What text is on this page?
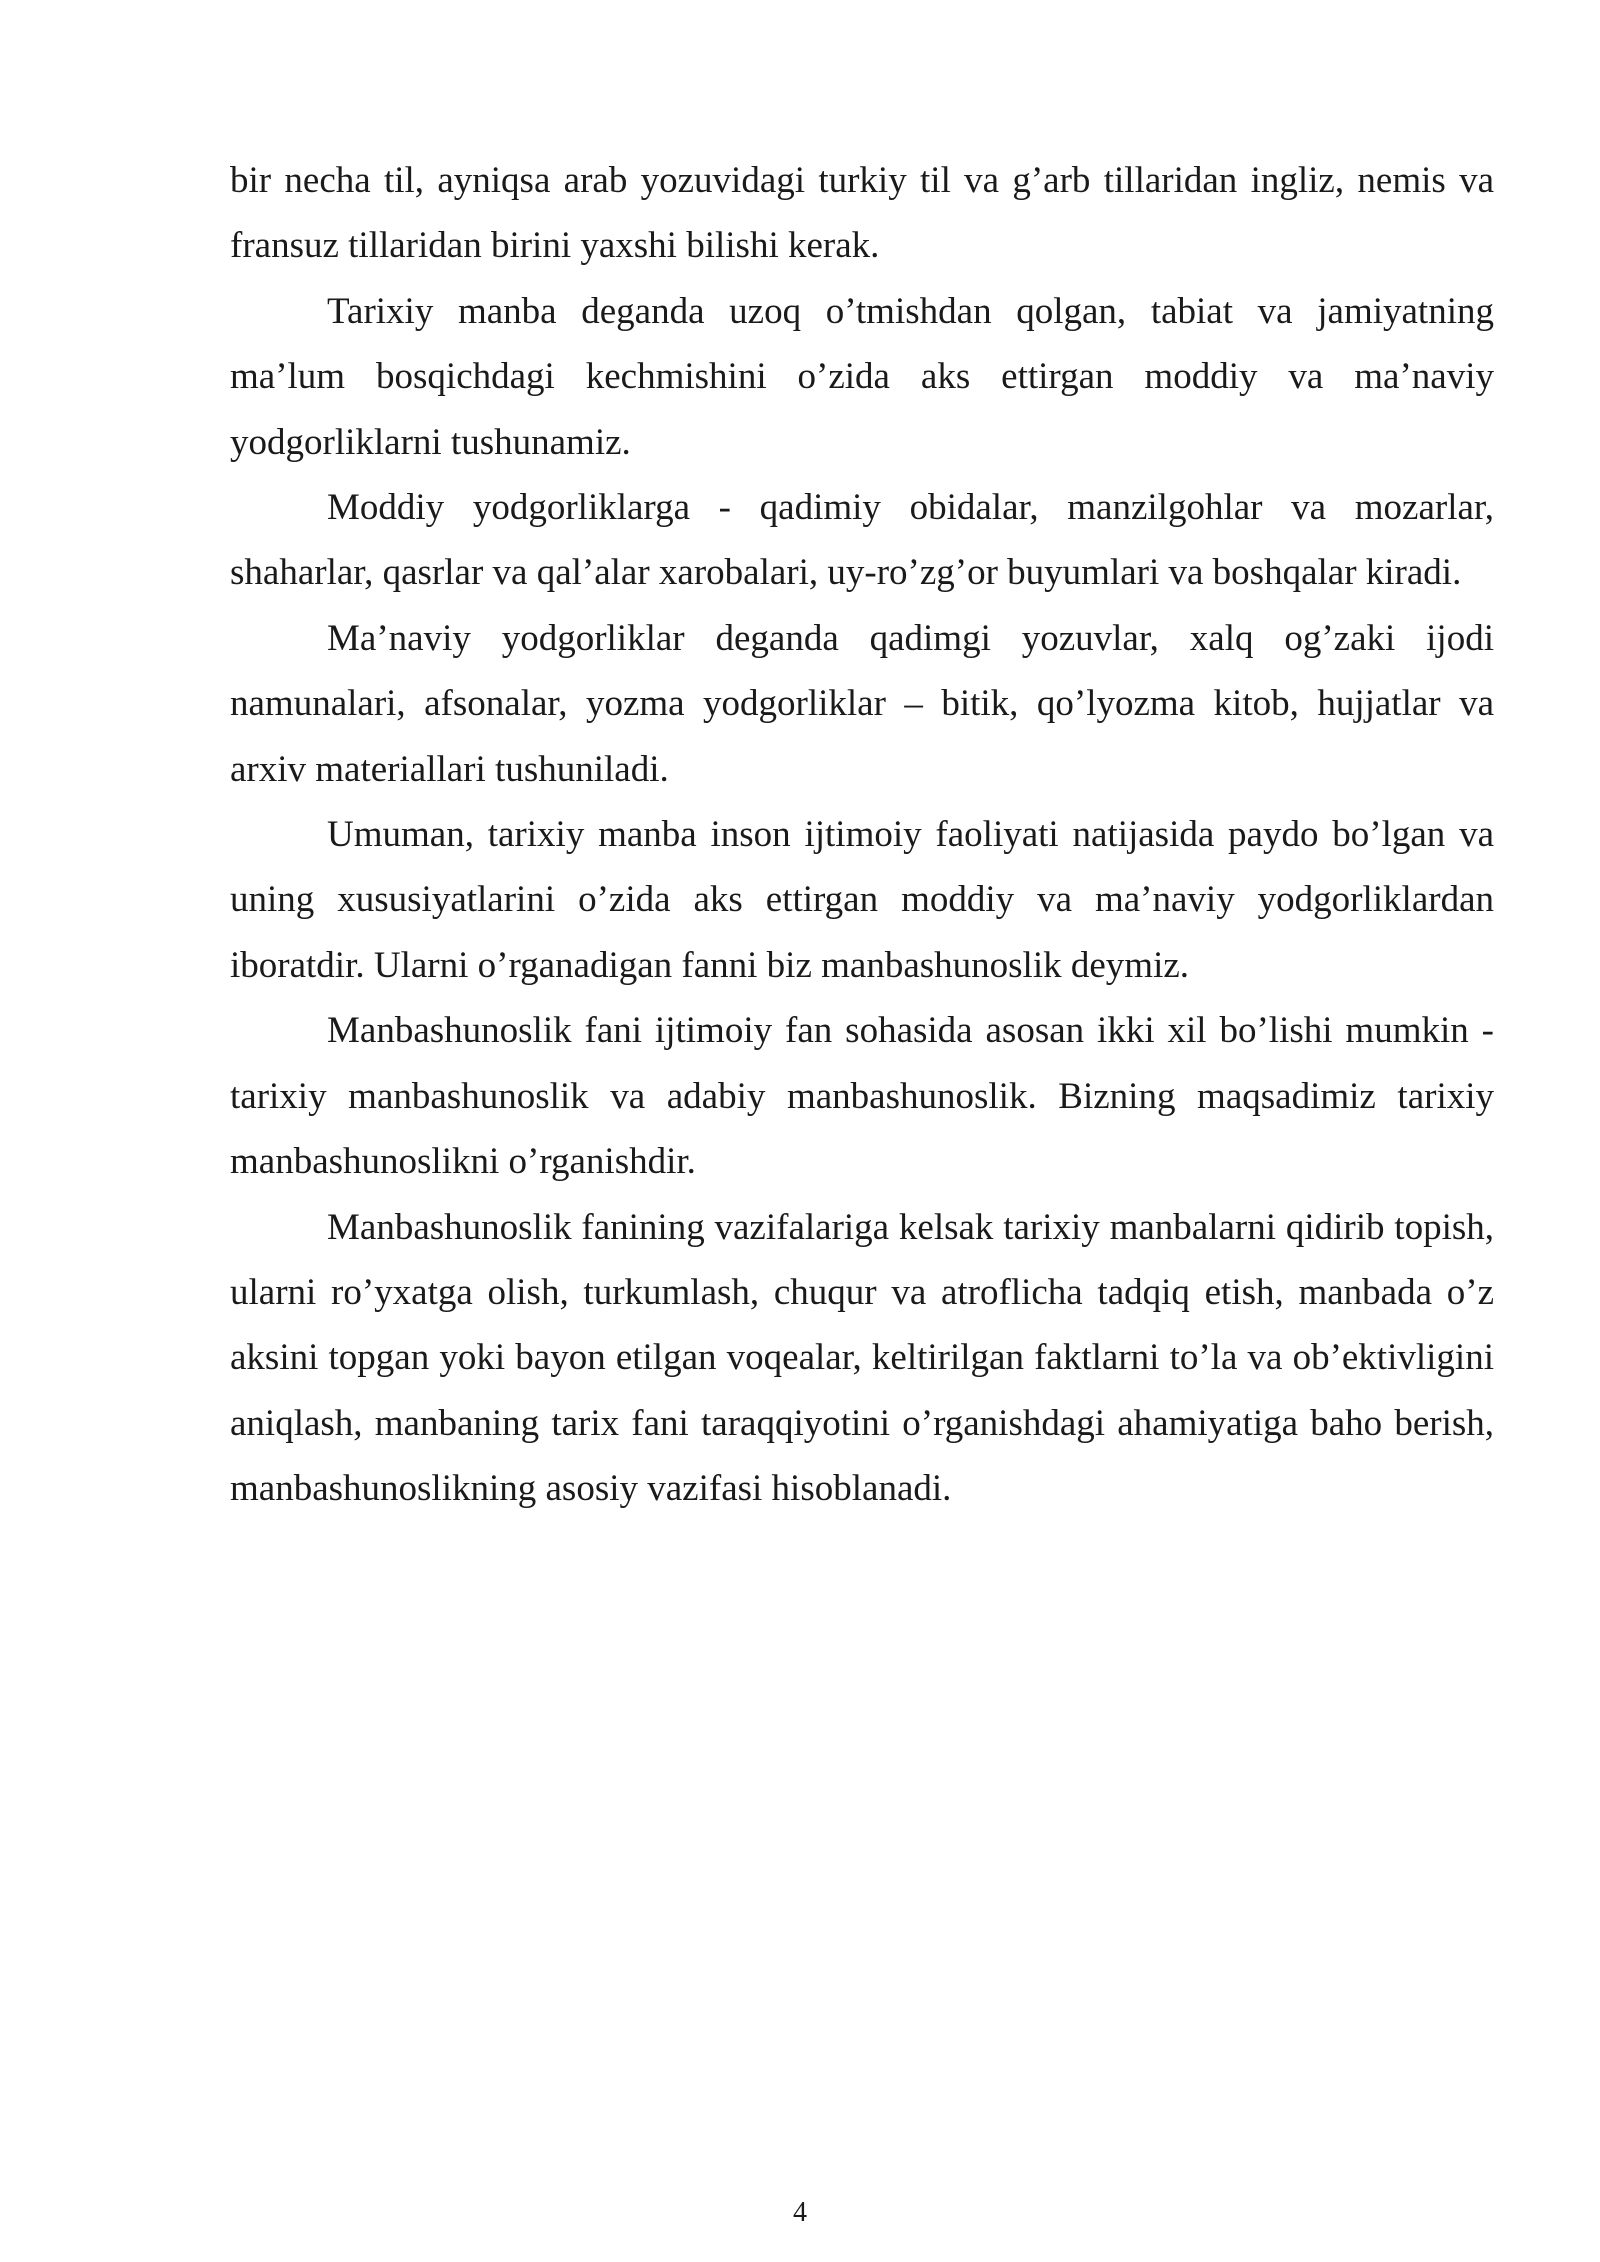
bir necha til, ayniqsa arab yozuvidagi turkiy til va g’arb tillaridan ingliz, nemis va fransuz tillaridan birini yaxshi bilishi kerak.

Tarixiy manba deganda uzoq o’tmishdan qolgan, tabiat va jamiyatning ma’lum bosqichdagi kechmishini o’zida aks ettirgan moddiy va ma’naviy yodgorliklarni tushunamiz.

Moddiy yodgorliklarga - qadimiy obidalar, manzilgohlar va mozarlar, shaharlar, qasrlar va qal’alar xarobalari, uy-ro’zg’or buyumlari va boshqalar kiradi.

Ma’naviy yodgorliklar deganda qadimgi yozuvlar, xalq og’zaki ijodi namunalari, afsonalar, yozma yodgorliklar – bitik, qo’lyozma kitob, hujjatlar va arxiv materiallari tushuniladi.

Umuman, tarixiy manba inson ijtimoiy faoliyati natijasida paydo bo’lgan va uning xususiyatlarini o’zida aks ettirgan moddiy va ma’naviy yodgorliklardan iboratdir. Ularni o’rganadigan fanni biz manbashunoslik deymiz.

Manbashunoslik fani ijtimoiy fan sohasida asosan ikki xil bo’lishi mumkin - tarixiy manbashunoslik va adabiy manbashunoslik. Bizning maqsadimiz tarixiy manbashunoslikni o’rganishdir.

Manbashunoslik fanining vazifalariga kelsak tarixiy manbalarni qidirib topish, ularni ro’yxatga olish, turkumlash, chuqur va atroflicha tadqiq etish, manbada o’z aksini topgan yoki bayon etilgan voqealar, keltirilgan faktlarni to’la va ob’ektivligini aniqlash, manbaning tarix fani taraqqiyotini o’rganishdagi ahamiyatiga baho berish, manbashunoslikning asosiy vazifasi hisoblanadi.

4
